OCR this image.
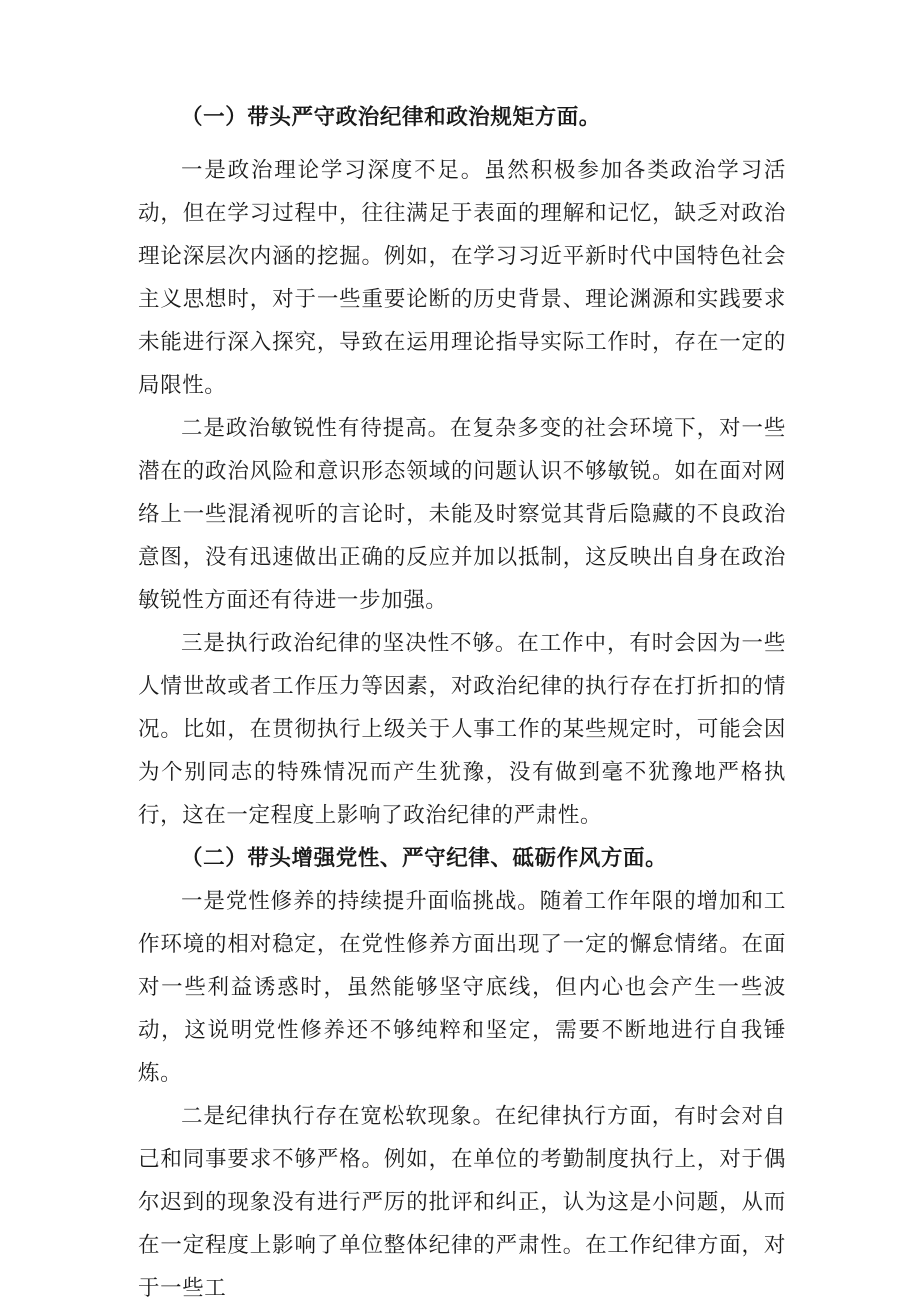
（一）带头严守政治纪律和政治规矩方面。

一是政治理论学习深度不足。虽然积极参加各类政治学习活动，但在学习过程中，往往满足于表面的理解和记忆，缺乏对政治理论深层次内涵的挖掘。例如，在学习习近平新时代中国特色社会主义思想时，对于一些重要论断的历史背景、理论渊源和实践要求未能进行深入探究，导致在运用理论指导实际工作时，存在一定的局限性。

二是政治敏锐性有待提高。在复杂多变的社会环境下，对一些潜在的政治风险和意识形态领域的问题认识不够敏锐。如在面对网络上一些混淆视听的言论时，未能及时察觉其背后隐藏的不良政治意图，没有迅速做出正确的反应并加以抵制，这反映出自身在政治敏锐性方面还有待进一步加强。

三是执行政治纪律的坚决性不够。在工作中，有时会因为一些人情世故或者工作压力等因素，对政治纪律的执行存在打折扣的情况。比如，在贯彻执行上级关于人事工作的某些规定时，可能会因为个别同志的特殊情况而产生犹豫，没有做到毫不犹豫地严格执行，这在一定程度上影响了政治纪律的严肃性。

（二）带头增强党性、严守纪律、砥砺作风方面。

一是党性修养的持续提升面临挑战。随着工作年限的增加和工作环境的相对稳定，在党性修养方面出现了一定的懈怠情绪。在面对一些利益诱惑时，虽然能够坚守底线，但内心也会产生一些波动，这说明党性修养还不够纯粹和坚定，需要不断地进行自我锤炼。

二是纪律执行存在宽松软现象。在纪律执行方面，有时会对自己和同事要求不够严格。例如，在单位的考勤制度执行上，对于偶尔迟到的现象没有进行严厉的批评和纠正，认为这是小问题，从而在一定程度上影响了单位整体纪律的严肃性。在工作纪律方面，对于一些工
